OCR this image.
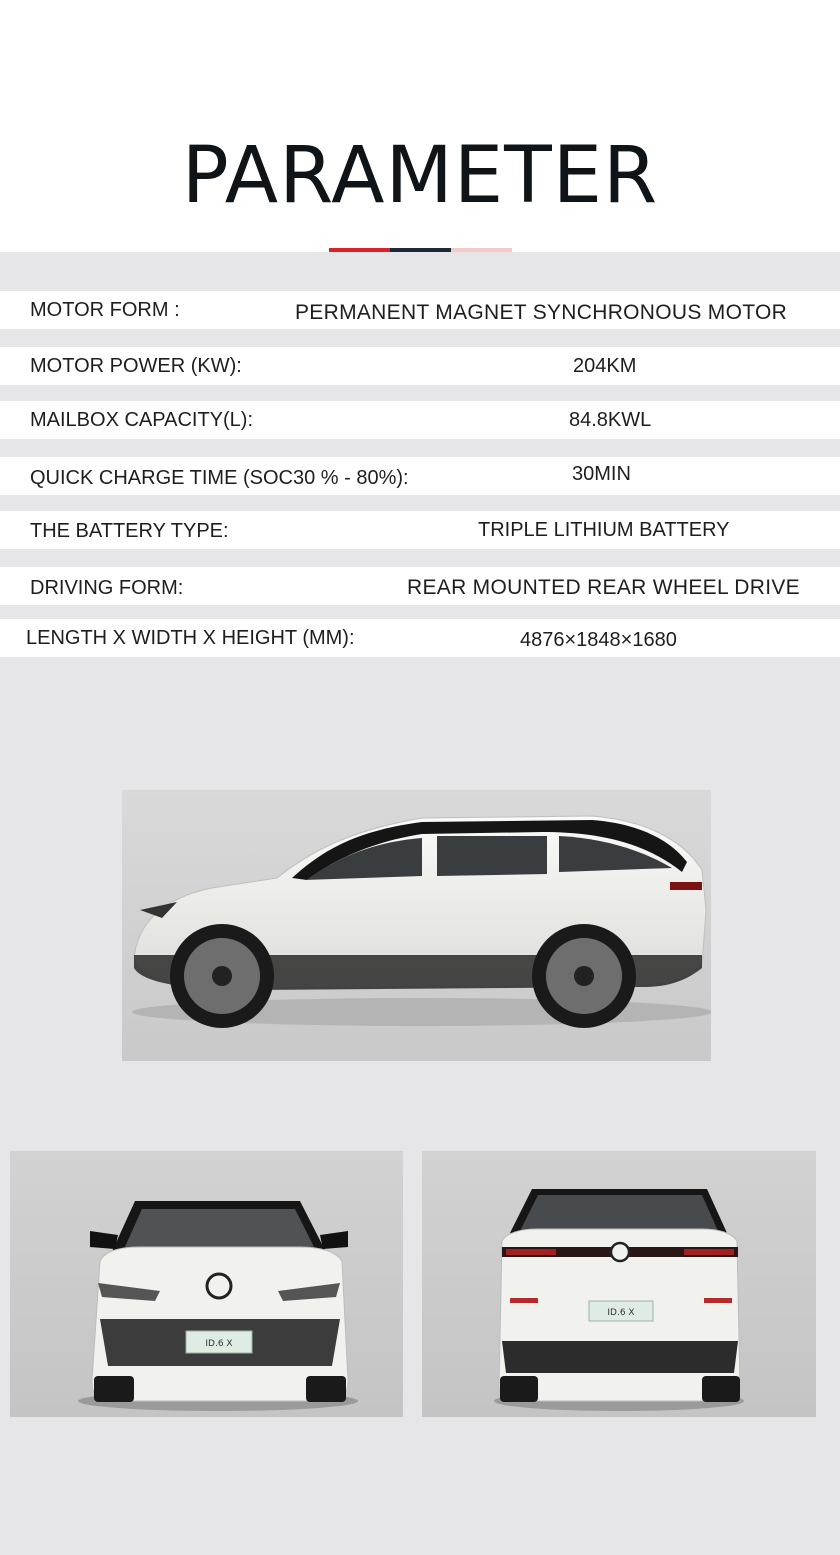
PARAMETER
MOTOR FORM :	PERMANENT MAGNET SYNCHRONOUS MOTOR
MOTOR POWER (KW):	204KM
MAILBOX CAPACITY(L):	84.8KWL
QUICK CHARGE TIME (SOC30 % - 80%):	30MIN
THE BATTERY TYPE:	TRIPLE LITHIUM BATTERY
DRIVING FORM:	REAR MOUNTED REAR WHEEL DRIVE
LENGTH X WIDTH X HEIGHT (MM):	4876×1848×1680
ID.6 X
ID.6 X
